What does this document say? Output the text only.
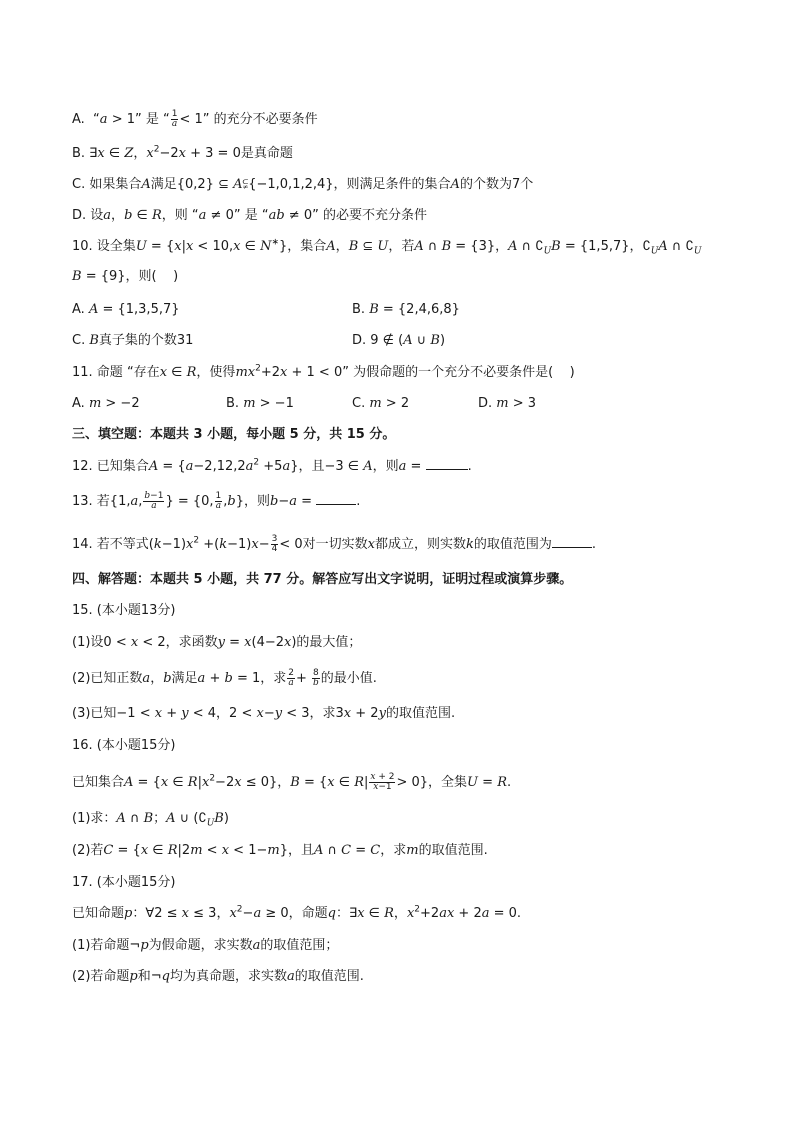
A.  “a > 1” 是 “ $\frac{1}{a} < 1$” 的充分不必要条件
B. ∃x ∈ Z，$x^2-2x + 3 = 0$是真命题
C. 如果集合A满足{0,2} ⊆ A⫋{−1,0,1,2,4}，则满足条件的集合A的个数为7个
D. 设a，b ∈ R，则 “a ≠ 0” 是 “ab ≠ 0” 的必要不充分条件
10. 设全集U = {x|x < 10,x ∈ N∗}，集合A，B ⊆ U，若A ∩ B = {3}，A ∩ $∁_UB = \{1,5,7\}$，$∁_UA$ ∩ $∁_U$
B = {9}，则(    )
A. A = {1,3,5,7}	B. B = {2,4,6,8}
C. B真子集的个数31	D. 9 ∉ (A ∪ B)
11. 命题 “存在x ∈ R，使得$mx^2+2x + 1 < 0$” 为假命题的一个充分不必要条件是(    )
A. m > −2	B. m > −1	C. m > 2	D. m > 3
三、填空题：本题共 3 小题，每小题 5 分，共 15 分。
12. 已知集合$A = \{a-2,12,2a^2 +5a\}$，且−3 ∈ A，则a =	.
13. 若{1,a, $\frac{b-1}{a}$ } = {0, $\frac{1}{a} ,b$}，则b−a =	.
14. 若不等式$(k-1)x^2 +(k-1)x- \frac{3}{4} < 0$对一切实数x都成立，则实数k的取值范围为	.
四、解答题：本题共 5 小题，共 77 分。解答应写出文字说明，证明过程或演算步骤。
15. (本小题13分)
(1)设0 < x < 2，求函数y = x(4−2x)的最大值；
(2)已知正数a，b满足a + b = 1，求 $\frac{2}{a} + \frac{8}{b}$ 的最小值.
(3)已知−1 < x + y < 4，2 < x−y < 3，求3x + 2y的取值范围.
16. (本小题15分)
已知集合A = {x ∈ $R|x^2-2x \le 0$}，B = {x ∈ $R| \frac{x + 2}{x-1} > 0$}，全集U = R.
(1)求：A ∩ B；A ∪ $(∁_UB)$
(2)若C = {x ∈ R|2m < x < 1−m}，且A ∩ C = C，求m的取值范围.
17. (本小题15分)
已知命题p：∀2 ≤ x ≤ 3，$x^2-a \ge 0$，命题q：∃x ∈ R，$x^2+2ax + 2a = 0$.
(1)若命题¬p为假命题，求实数a的取值范围；
(2)若命题p和¬q均为真命题，求实数a的取值范围.
